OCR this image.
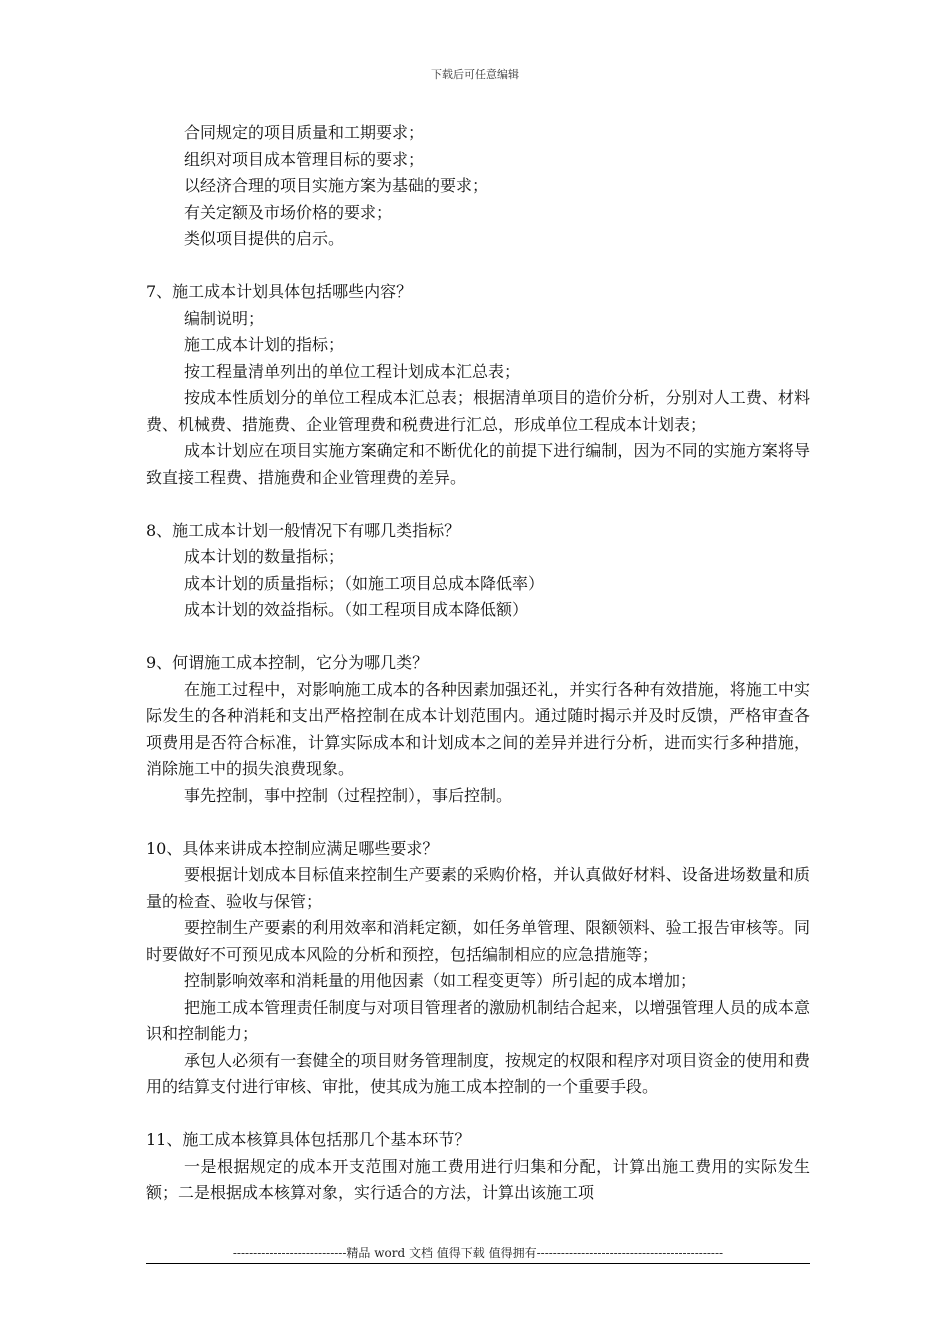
下载后可任意编辑
合同规定的项目质量和工期要求；
组织对项目成本管理目标的要求；
以经济合理的项目实施方案为基础的要求；
有关定额及市场价格的要求；
类似项目提供的启示。
7、施工成本计划具体包括哪些内容？
编制说明；
施工成本计划的指标；
按工程量清单列出的单位工程计划成本汇总表；
按成本性质划分的单位工程成本汇总表；根据清单项目的造价分析，分别对人工费、材料费、机械费、措施费、企业管理费和税费进行汇总，形成单位工程成本计划表；
成本计划应在项目实施方案确定和不断优化的前提下进行编制，因为不同的实施方案将导致直接工程费、措施费和企业管理费的差异。
8、施工成本计划一般情况下有哪几类指标？
成本计划的数量指标；
成本计划的质量指标；（如施工项目总成本降低率）
成本计划的效益指标。（如工程项目成本降低额）
9、何谓施工成本控制，它分为哪几类？
在施工过程中，对影响施工成本的各种因素加强还礼，并实行各种有效措施，将施工中实际发生的各种消耗和支出严格控制在成本计划范围内。通过随时揭示并及时反馈，严格审查各项费用是否符合标准，计算实际成本和计划成本之间的差异并进行分析，进而实行多种措施，消除施工中的损失浪费现象。
事先控制，事中控制（过程控制），事后控制。
10、具体来讲成本控制应满足哪些要求？
要根据计划成本目标值来控制生产要素的采购价格，并认真做好材料、设备进场数量和质量的检查、验收与保管；
要控制生产要素的利用效率和消耗定额，如任务单管理、限额领料、验工报告审核等。同时要做好不可预见成本风险的分析和预控，包括编制相应的应急措施等；
控制影响效率和消耗量的用他因素（如工程变更等）所引起的成本增加；
把施工成本管理责任制度与对项目管理者的激励机制结合起来，以增强管理人员的成本意识和控制能力；
承包人必须有一套健全的项目财务管理制度，按规定的权限和程序对项目资金的使用和费用的结算支付进行审核、审批，使其成为施工成本控制的一个重要手段。
11、施工成本核算具体包括那几个基本环节？
一是根据规定的成本开支范围对施工费用进行归集和分配，计算出施工费用的实际发生额；二是根据成本核算对象，实行适合的方法，计算出该施工项
----------------------------精品 word 文档 值得下载 值得拥有----------------------------------------------
